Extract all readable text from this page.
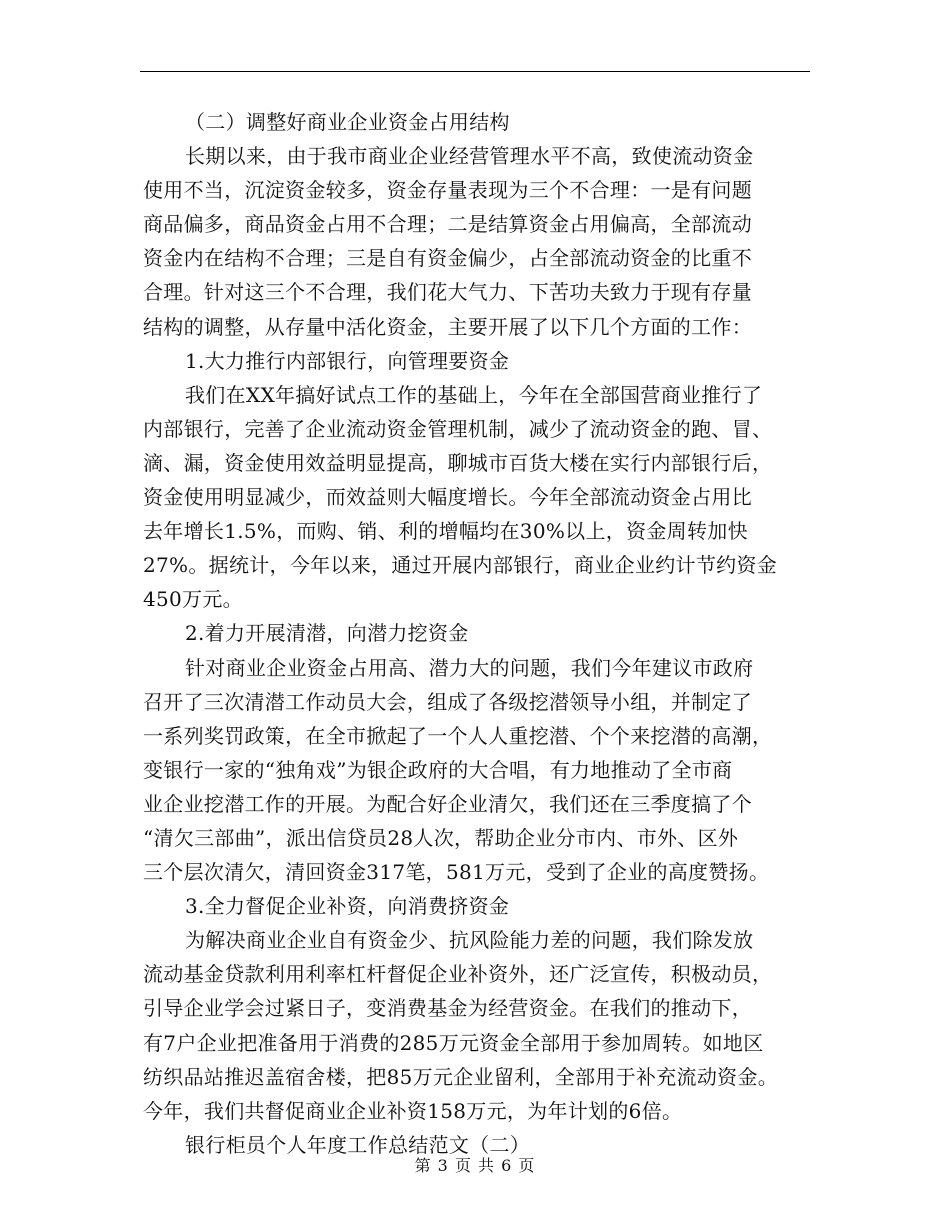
（二）调整好商业企业资金占用结构
长期以来，由于我市商业企业经营管理水平不高，致使流动资金
使用不当，沉淀资金较多，资金存量表现为三个不合理：一是有问题
商品偏多，商品资金占用不合理；二是结算资金占用偏高，全部流动
资金内在结构不合理；三是自有资金偏少，占全部流动资金的比重不
合理。针对这三个不合理，我们花大气力、下苦功夫致力于现有存量
结构的调整，从存量中活化资金，主要开展了以下几个方面的工作：
1.大力推行内部银行，向管理要资金
我们在XX年搞好试点工作的基础上，今年在全部国营商业推行了
内部银行，完善了企业流动资金管理机制，减少了流动资金的跑、冒、
滴、漏，资金使用效益明显提高，聊城市百货大楼在实行内部银行后，
资金使用明显减少，而效益则大幅度增长。今年全部流动资金占用比
去年增长1.5%，而购、销、利的增幅均在30%以上，资金周转加快
27%。据统计，今年以来，通过开展内部银行，商业企业约计节约资金
450万元。
2.着力开展清潜，向潜力挖资金
针对商业企业资金占用高、潜力大的问题，我们今年建议市政府
召开了三次清潜工作动员大会，组成了各级挖潜领导小组，并制定了
一系列奖罚政策，在全市掀起了一个人人重挖潜、个个来挖潜的高潮，
变银行一家的“独角戏”为银企政府的大合唱，有力地推动了全市商
业企业挖潜工作的开展。为配合好企业清欠，我们还在三季度搞了个
“清欠三部曲”，派出信贷员28人次，帮助企业分市内、市外、区外
三个层次清欠，清回资金317笔，581万元，受到了企业的高度赞扬。
3.全力督促企业补资，向消费挤资金
为解决商业企业自有资金少、抗风险能力差的问题，我们除发放
流动基金贷款利用利率杠杆督促企业补资外，还广泛宣传，积极动员，
引导企业学会过紧日子，变消费基金为经营资金。在我们的推动下，
有7户企业把准备用于消费的285万元资金全部用于参加周转。如地区
纺织品站推迟盖宿舍楼，把85万元企业留利，全部用于补充流动资金。
今年，我们共督促商业企业补资158万元，为年计划的6倍。
银行柜员个人年度工作总结范文（二）
第 3 页 共 6 页
